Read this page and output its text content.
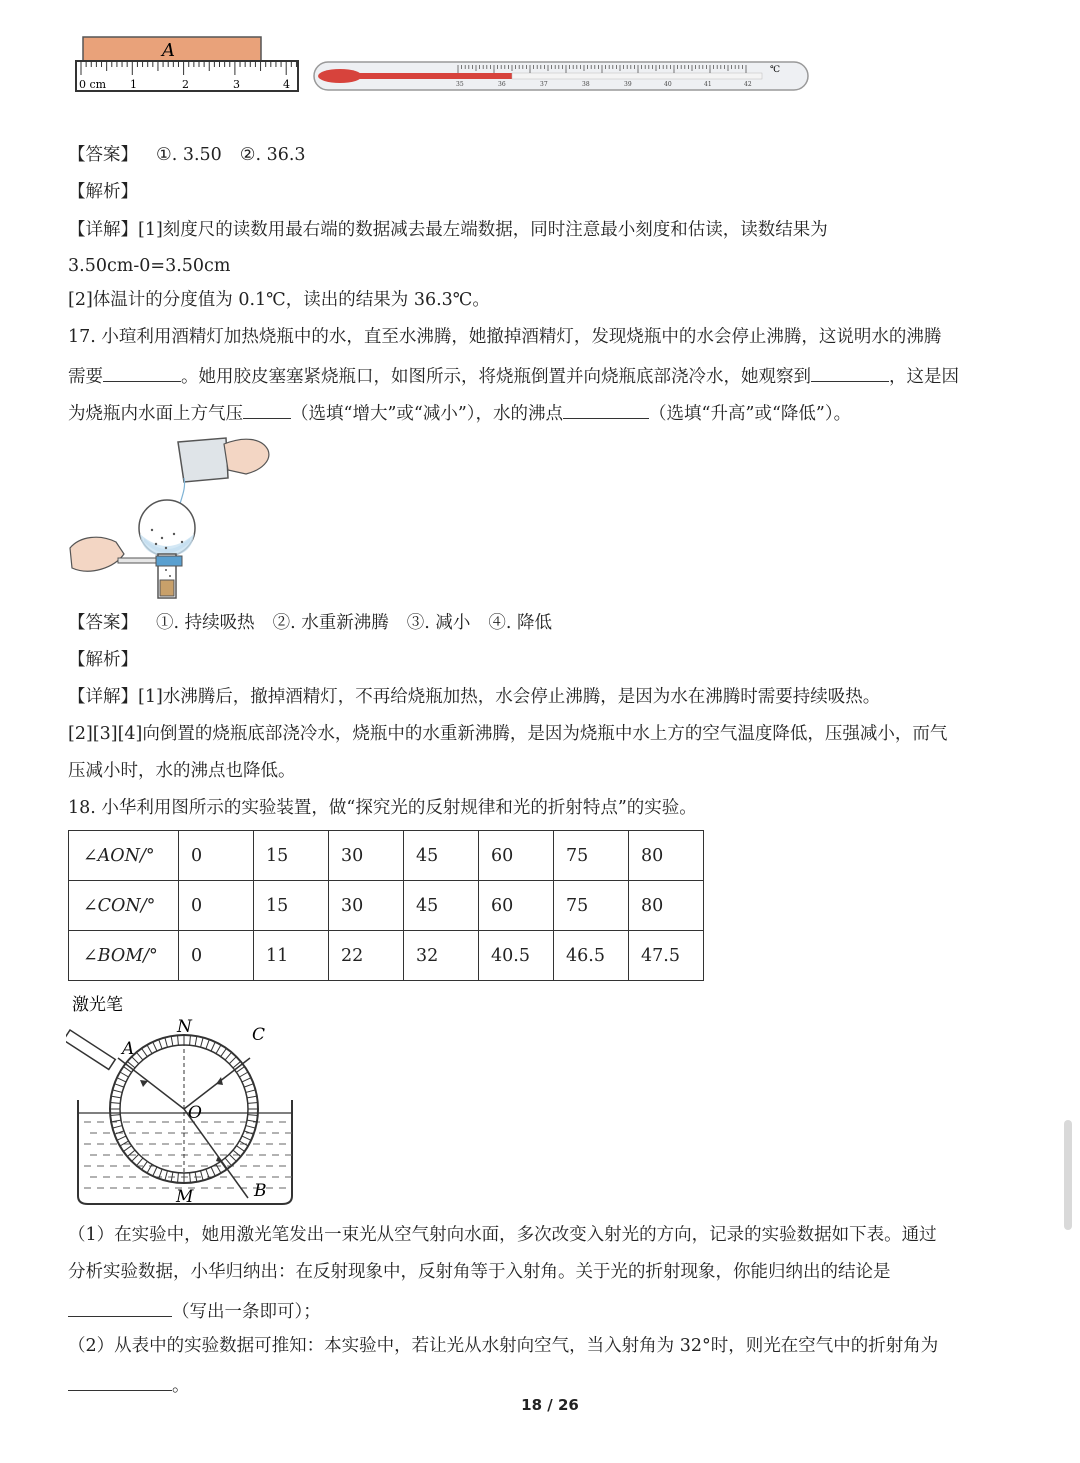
A
0 cm 1	2	3	4
℃
35	36	37	38	39	40	41	42
【答案】 ①. 3.50 ②. 36.3
【解析】
【详解】[1]刻度尺的读数用最右端的数据减去最左端数据，同时注意最小刻度和估读，读数结果为
3.50cm-0=3.50cm
[2]体温计的分度值为 0.1℃，读出的结果为 36.3℃。
17. 小瑄利用酒精灯加热烧瓶中的水，直至水沸腾，她撤掉酒精灯，发现烧瓶中的水会停止沸腾，这说明水的沸腾
需要	。她用胶皮塞塞紧烧瓶口，如图所示，将烧瓶倒置并向烧瓶底部浇冷水，她观察到	，这是因
为烧瓶内水面上方气压	（选填“增大”或“减小”），水的沸点	（选填“升高”或“降低”）。
【答案】 ①. 持续吸热 ②. 水重新沸腾 ③. 减小 ④. 降低
【解析】
【详解】[1]水沸腾后，撤掉酒精灯，不再给烧瓶加热，水会停止沸腾，是因为水在沸腾时需要持续吸热。
[2][3][4]向倒置的烧瓶底部浇冷水，烧瓶中的水重新沸腾，是因为烧瓶中水上方的空气温度降低，压强减小，而气
压减小时，水的沸点也降低。
18. 小华利用图所示的实验装置，做“探究光的反射规律和光的折射特点”的实验。
∠AON/°	0	15	30	45	60	75	80
∠CON/°	0	15	30	45	60	75	80
∠BOM/°	0	11	22	32	40.5	46.5	47.5
激光笔
N
A
C
O
M	B
（1）在实验中，她用激光笔发出一束光从空气射向水面，多次改变入射光的方向，记录的实验数据如下表。通过
分析实验数据，小华归纳出：在反射现象中，反射角等于入射角。关于光的折射现象，你能归纳出的结论是
（写出一条即可）；
（2）从表中的实验数据可推知：本实验中，若让光从水射向空气，当入射角为 32°时，则光在空气中的折射角为
。
18 / 26
